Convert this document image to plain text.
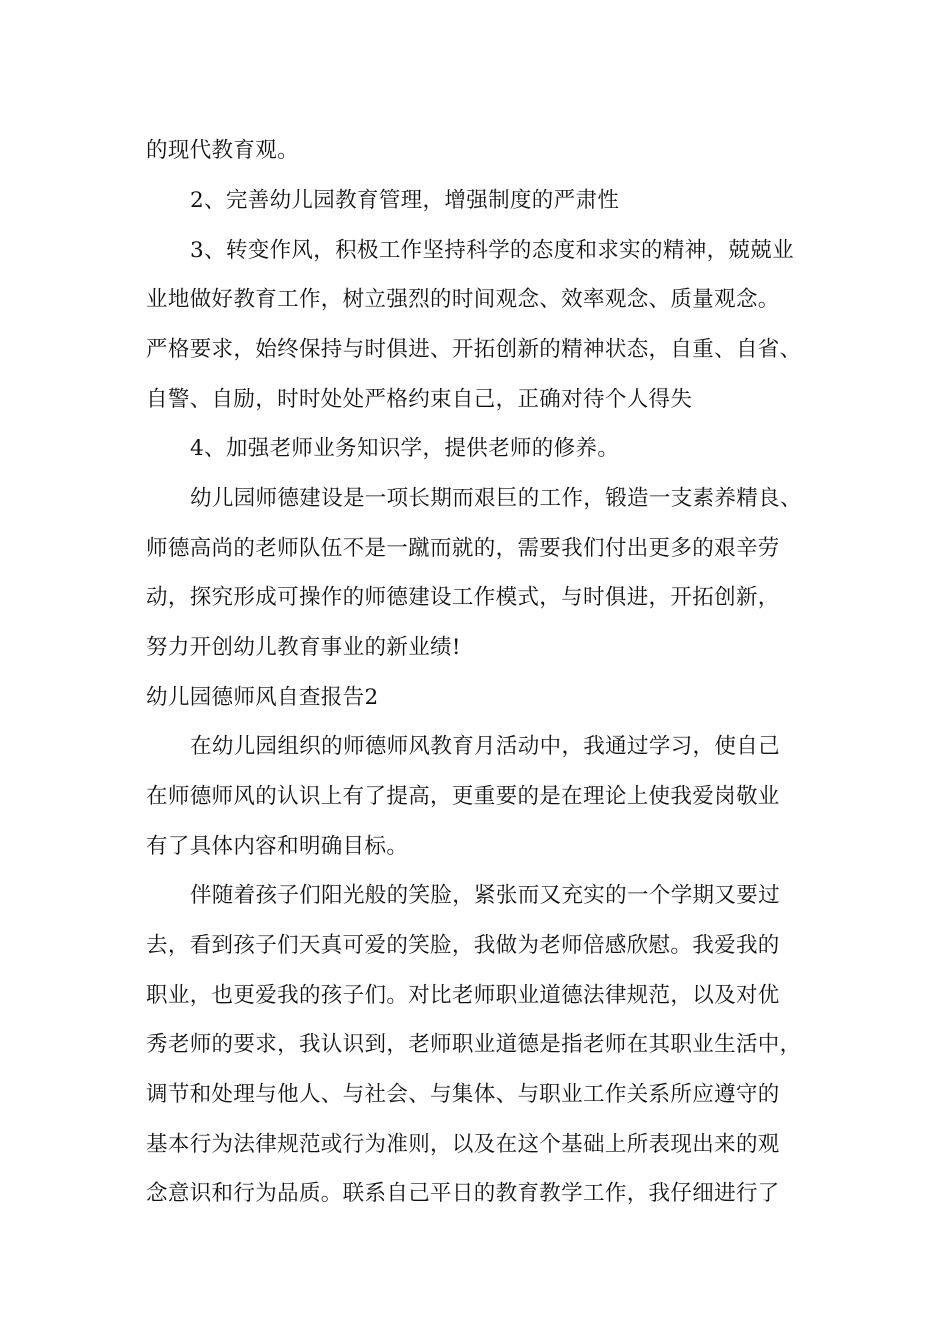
的现代教育观。
2、完善幼儿园教育管理，增强制度的严肃性
3、转变作风，积极工作坚持科学的态度和求实的精神，兢兢业
业地做好教育工作，树立强烈的时间观念、效率观念、质量观念。
严格要求，始终保持与时俱进、开拓创新的精神状态，自重、自省、
自警、自励，时时处处严格约束自己，正确对待个人得失
4、加强老师业务知识学，提供老师的修养。
幼儿园师德建设是一项长期而艰巨的工作，锻造一支素养精良、
师德高尚的老师队伍不是一蹴而就的，需要我们付出更多的艰辛劳
动，探究形成可操作的师德建设工作模式，与时俱进，开拓创新，
努力开创幼儿教育事业的新业绩!
幼儿园德师风自查报告2
在幼儿园组织的师德师风教育月活动中，我通过学习，使自己
在师德师风的认识上有了提高，更重要的是在理论上使我爱岗敬业
有了具体内容和明确目标。
伴随着孩子们阳光般的笑脸，紧张而又充实的一个学期又要过
去，看到孩子们天真可爱的笑脸，我做为老师倍感欣慰。我爱我的
职业，也更爱我的孩子们。对比老师职业道德法律规范，以及对优
秀老师的要求，我认识到，老师职业道德是指老师在其职业生活中，
调节和处理与他人、与社会、与集体、与职业工作关系所应遵守的
基本行为法律规范或行为准则，以及在这个基础上所表现出来的观
念意识和行为品质。联系自己平日的教育教学工作，我仔细进行了
